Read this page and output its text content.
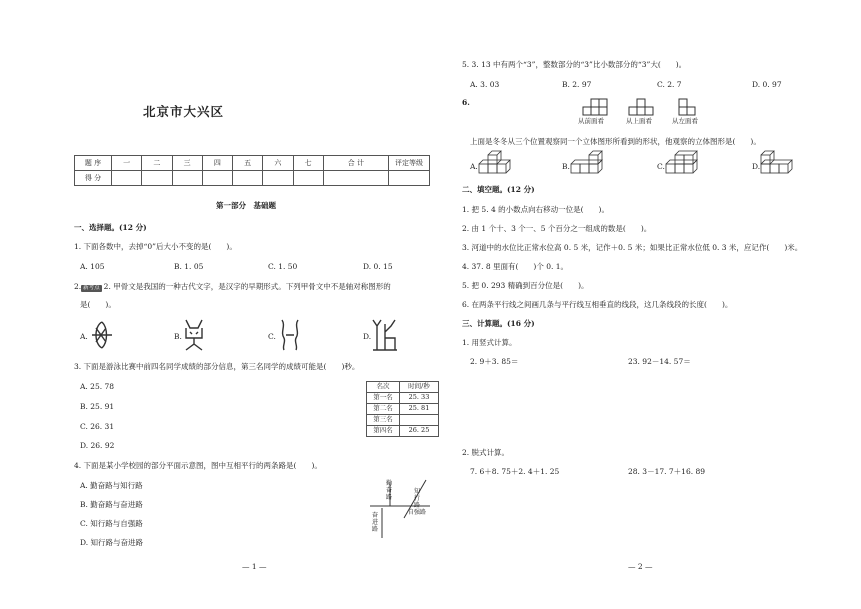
北京市大兴区
题 序	一	二	三	四	五	六	七	合 计	评定等级
得 分									
第一部分　基础题
一、选择题。(12 分)
1. 下面各数中，去掉“0”后大小不变的是(　　)。
A. 105	B. 1. 05	C. 1. 50	D. 0. 15
2. 新考点 2. 甲骨文是我国的一种古代文字，是汉字的早期形式。下列甲骨文中不是轴对称图形的
是(　　)。
A.	B.	C.	D.
3. 下面是游泳比赛中前四名同学成绩的部分信息，第三名同学的成绩可能是(　　)秒。
A. 25. 78
B. 25. 91
C. 26. 31
D. 26. 92
名次	时间/秒
第一名	25. 33
第二名	25. 81
第三名	
第四名	26. 25
4. 下面是某小学校园的部分平面示意图，图中互相平行的两条路是(　　)。
A. 勤奋路与知行路
B. 勤奋路与奋进路
C. 知行路与自强路
D. 知行路与奋进路
勤奋路
知行路
自强路
奋进路
— 1 —
5. 3. 13 中有两个“3”，整数部分的“3”比小数部分的“3”大(　　)。
A. 3. 03	B. 2. 97	C. 2. 7	D. 0. 97
6.
从前面看	从上面看	从左面看
上面是冬冬从三个位置观察同一个立体图形所看到的形状，他观察的立体图形是(　　)。
A.	B.	C.	D.
二、填空题。(12 分)
1. 把 5. 4 的小数点向右移动一位是(　　)。
2. 由 1 个十、3 个一、5 个百分之一组成的数是(　　)。
3. 河道中的水位比正常水位高 0. 5 米，记作＋0. 5 米；如果比正常水位低 0. 3 米，应记作(　　)米。
4. 37. 8 里面有(　　)个 0. 1。
5. 把 0. 293 精确到百分位是(　　)。
6. 在两条平行线之间画几条与平行线互相垂直的线段，这几条线段的长度(　　)。
三、计算题。(16 分)
1. 用竖式计算。
2. 9＋3. 85＝	23. 92－14. 57＝
2. 脱式计算。
7. 6＋8. 75＋2. 4＋1. 25	28. 3－17. 7＋16. 89
— 2 —
